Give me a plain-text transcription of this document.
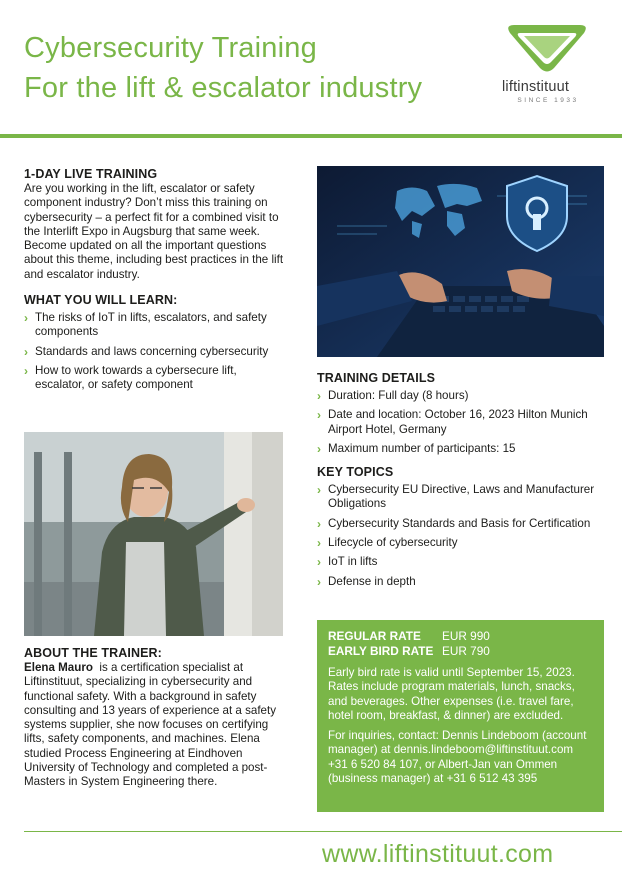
Cybersecurity Training
For the lift & escalator industry	liftinstituut
SINCE 1933
1-DAY LIVE TRAINING

Are you working in the lift, escalator or safety component industry? Don’t miss this training on cybersecurity – a perfect fit for a combined visit to the Interlift Expo in Augsburg that same week. Become updated on all the important questions about this theme, including best practices in the lift and escalator industry.

WHAT YOU WILL LEARN:
› The risks of IoT in lifts, escalators, and safety components
› Standards and laws concerning cybersecurity
› How to work towards a cybersecure lift, escalator, or safety component
ABOUT THE TRAINER:

Elena Mauro is a certification specialist at Liftinstituut, specializing in cybersecurity and functional safety. With a background in safety consulting and 13 years of experience at a safety systems supplier, she now focuses on certifying lifts, safety components, and machines. Elena studied Process Engineering at Eindhoven University of Technology and completed a post-Masters in System Engineering there.

TRAINING DETAILS
› Duration: Full day (8 hours)
› Date and location: October 16, 2023 Hilton Munich Airport Hotel, Germany
› Maximum number of participants: 15
KEY TOPICS
› Cybersecurity EU Directive, Laws and Manufacturer Obligations
› Cybersecurity Standards and Basis for Certification
› Lifecycle of cybersecurity
› IoT in lifts
› Defense in depth
REGULAR RATE	EUR 990
EARLY BIRD RATE EUR 790

Early bird rate is valid until September 15, 2023. Rates include program materials, lunch, snacks, and beverages. Other expenses (i.e. travel fare, hotel room, breakfast, & dinner) are excluded.

For inquiries, contact: Dennis Lindeboom (account manager) at dennis.lindeboom@liftinstituut.com +31 6 520 84 107, or Albert-Jan van Ommen (business manager) at +31 6 512 43 395

www.liftinstituut.com
